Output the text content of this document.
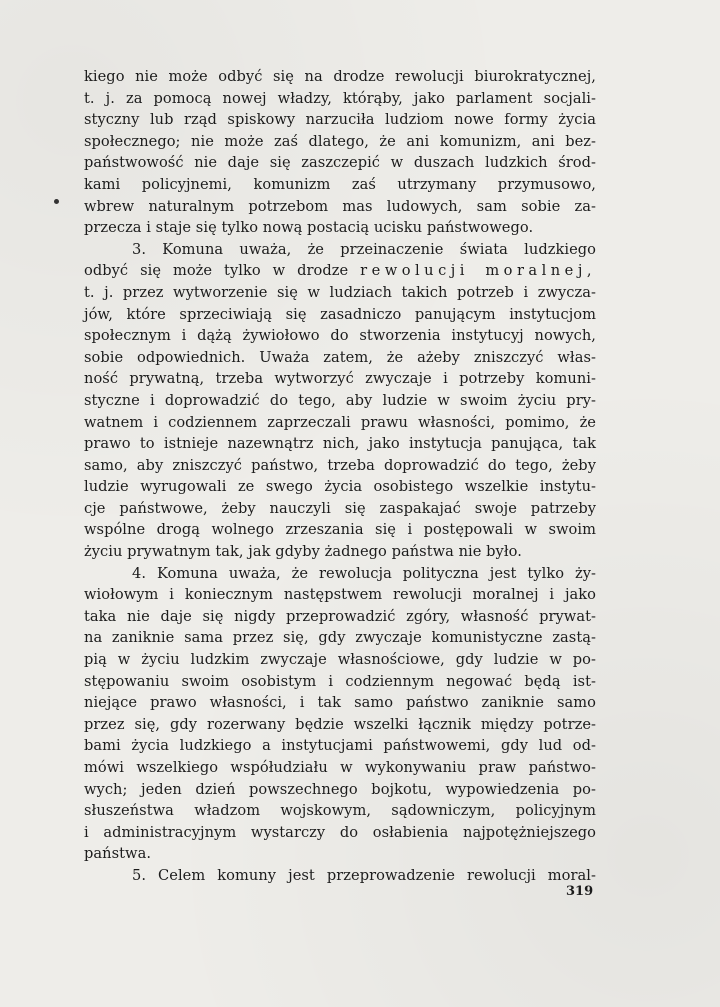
kiego nie może odbyć się na drodze rewolucji biurokratycznej,
t. j. za pomocą nowej władzy, którąby, jako parlament socjali-
styczny lub rząd spiskowy narzuciła ludziom nowe formy życia
społecznego; nie może zaś dlatego, że ani komunizm, ani bez-
państwowość nie daje się zaszczepić w duszach ludzkich środ-
kami policyjnemi, komunizm zaś utrzymany przymusowo,
wbrew naturalnym potrzebom mas ludowych, sam sobie za-
przecza i staje się tylko nową postacią ucisku państwowego.
3. Komuna uważa, że przeinaczenie świata ludzkiego
odbyć się może tylko w drodze rewolucji moralnej,
t. j. przez wytworzenie się w ludziach takich potrzeb i zwycza-
jów, które sprzeciwiają się zasadniczo panującym instytucjom
społecznym i dążą żywiołowo do stworzenia instytucyj nowych,
sobie odpowiednich. Uważa zatem, że ażeby zniszczyć włas-
ność prywatną, trzeba wytworzyć zwyczaje i potrzeby komuni-
styczne i doprowadzić do tego, aby ludzie w swoim życiu pry-
watnem i codziennem zaprzeczali prawu własności, pomimo, że
prawo to istnieje nazewnątrz nich, jako instytucja panująca, tak
samo, aby zniszczyć państwo, trzeba doprowadzić do tego, żeby
ludzie wyrugowali ze swego życia osobistego wszelkie instytu-
cje państwowe, żeby nauczyli się zaspakajać swoje patrzeby
wspólne drogą wolnego zrzeszania się i postępowali w swoim
życiu prywatnym tak, jak gdyby żadnego państwa nie było.
4. Komuna uważa, że rewolucja polityczna jest tylko ży-
wiołowym i koniecznym następstwem rewolucji moralnej i jako
taka nie daje się nigdy przeprowadzić zgóry, własność prywat-
na zaniknie sama przez się, gdy zwyczaje komunistyczne zastą-
pią w życiu ludzkim zwyczaje własnościowe, gdy ludzie w po-
stępowaniu swoim osobistym i codziennym negować będą ist-
niejące prawo własności, i tak samo państwo zaniknie samo
przez się, gdy rozerwany będzie wszelki łącznik między potrze-
bami życia ludzkiego a instytucjami państwowemi, gdy lud od-
mówi wszelkiego współudziału w wykonywaniu praw państwo-
wych; jeden dzień powszechnego bojkotu, wypowiedzenia po-
słuszeństwa władzom wojskowym, sądowniczym, policyjnym
i administracyjnym wystarczy do osłabienia najpotężniejszego
państwa.
5. Celem komuny jest przeprowadzenie rewolucji moral-
319
